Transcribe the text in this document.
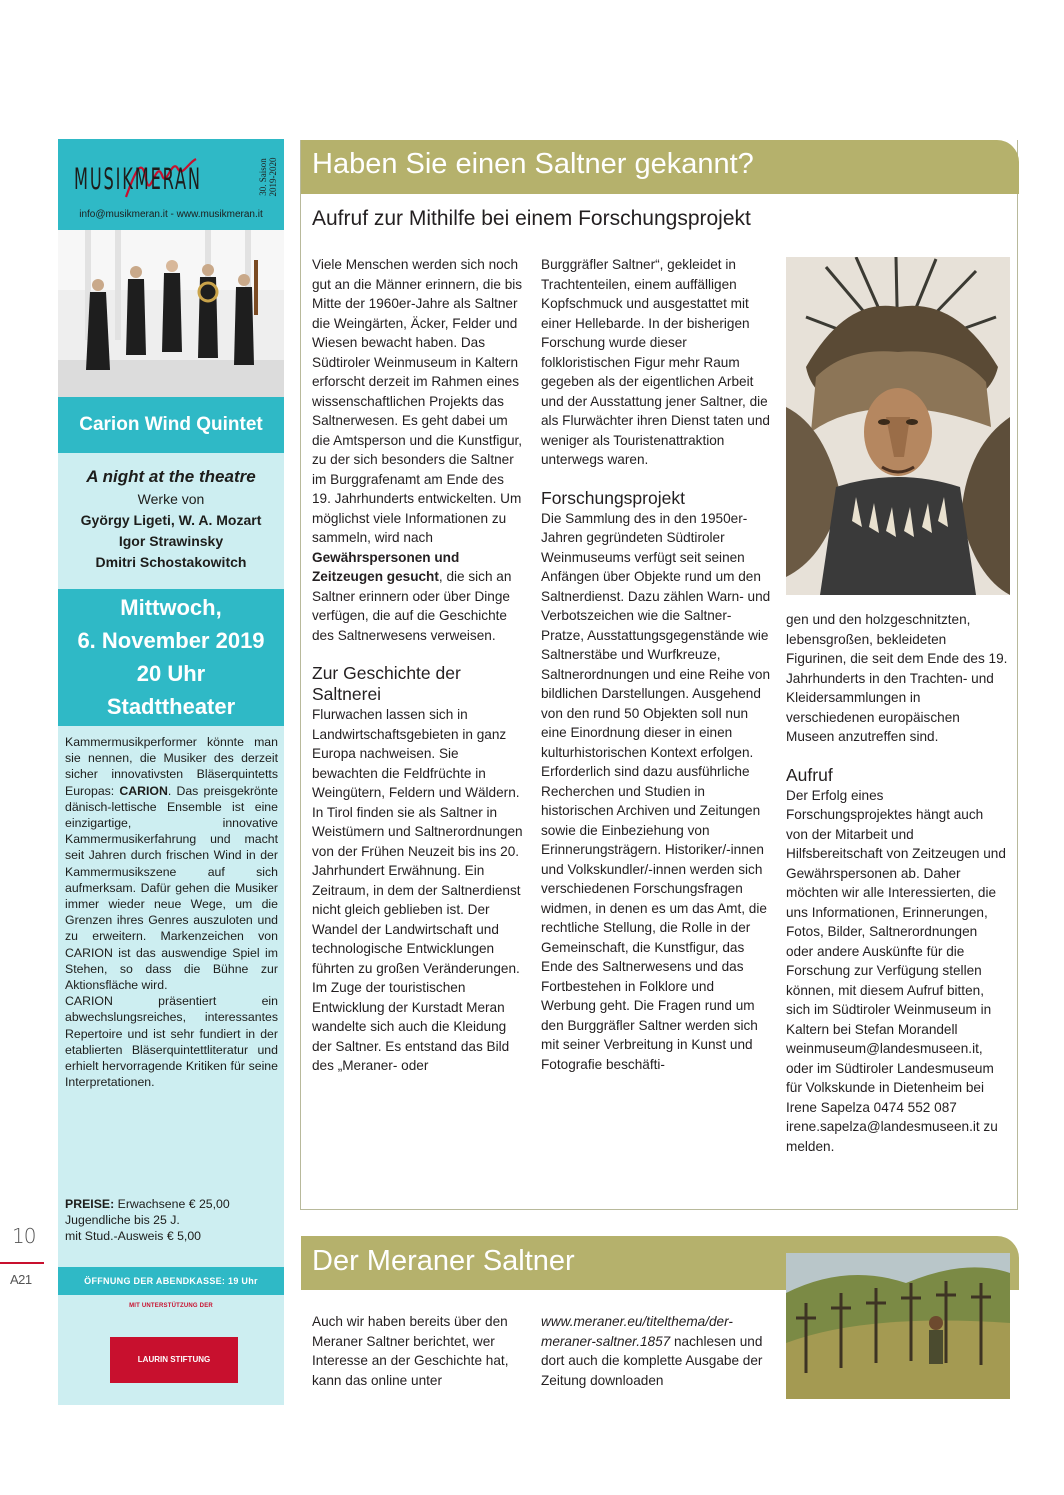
MUSIKMERAN	30. Saison
2019-2020
info@musikmeran.it - www.musikmeran.it
Carion Wind Quintet
A night at the theatre
Werke von
György Ligeti, W. A. Mozart
Igor Strawinsky
Dmitri Schostakowitch
Mittwoch,
6. November 2019
20 Uhr
Stadttheater
Kammermusikperformer könnte man sie nennen, die Musiker des derzeit sicher innovativsten Bläserquintetts Europas: CARION. Das preisgekrönte dänisch-lettische Ensemble ist eine einzigartige, innovative Kammermusikerfahrung und macht seit Jahren durch frischen Wind in der Kammermusikszene auf sich aufmerksam. Dafür gehen die Musiker immer wieder neue Wege, um die Grenzen ihres Genres auszuloten und zu erweitern. Markenzeichen von CARION ist das auswendige Spiel im Stehen, so dass die Bühne zur Aktionsfläche wird.
CARION präsentiert ein abwechslungsreiches, interessantes Repertoire und ist sehr fundiert in der etablierten Bläserquintettliteratur und erhielt hervorragende Kritiken für seine Interpretationen.
PREISE: Erwachsene € 25,00
Jugendliche bis 25 J.
mit Stud.-Ausweis € 5,00
ÖFFNUNG DER ABENDKASSE: 19 Uhr
MIT UNTERSTÜTZUNG DER
LAURIN STIFTUNG
10
A21
Haben Sie einen Saltner gekannt?
Aufruf zur Mithilfe bei einem Forschungsprojekt

Viele Menschen werden sich noch gut an die Männer erinnern, die bis Mitte der 1960er-Jahre als Saltner die Weingärten, Äcker, Felder und Wiesen bewacht haben. Das Südtiroler Weinmuseum in Kaltern erforscht derzeit im Rahmen eines wissenschaftlichen Projekts das Saltnerwesen. Es geht dabei um die Amtsperson und die Kunstfigur, zu der sich besonders die Saltner im Burggrafenamt am Ende des 19. Jahrhunderts entwickelten. Um möglichst viele Informationen zu sammeln, wird nach Gewährspersonen und Zeitzeugen gesucht, die sich an Saltner erinnern oder über Dinge verfügen, die auf die Geschichte des Saltnerwesens verweisen.

Zur Geschichte der Saltnerei

Flurwachen lassen sich in Landwirtschaftsgebieten in ganz Europa nachweisen. Sie bewachten die Feldfrüchte in Weingütern, Feldern und Wäldern. In Tirol finden sie als Saltner in Weistümern und Saltnerordnungen von der Frühen Neuzeit bis ins 20. Jahrhundert Erwähnung. Ein Zeitraum, in dem der Saltnerdienst nicht gleich geblieben ist. Der Wandel der Landwirtschaft und technologische Entwicklungen führten zu großen Veränderungen.

Im Zuge der touristischen Entwicklung der Kurstadt Meran wandelte sich auch die Kleidung der Saltner. Es entstand das Bild des „Meraner- oder

Burggräfler Saltner“, gekleidet in Trachtenteilen, einem auffälligen Kopfschmuck und ausgestattet mit einer Hellebarde. In der bisherigen Forschung wurde dieser folkloristischen Figur mehr Raum gegeben als der eigentlichen Arbeit und der Ausstattung jener Saltner, die als Flurwächter ihren Dienst taten und weniger als Touristenattraktion unterwegs waren.

Forschungsprojekt

Die Sammlung des in den 1950er-Jahren gegründeten Südtiroler Weinmuseums verfügt seit seinen Anfängen über Objekte rund um den Saltnerdienst. Dazu zählen Warn- und Verbotszeichen wie die Saltner-Pratze, Ausstattungsgegenstände wie Saltnerstäbe und Wurfkreuze, Saltnerordnungen und eine Reihe von bildlichen Darstellungen. Ausgehend von den rund 50 Objekten soll nun eine Einordnung dieser in einen kulturhistorischen Kontext erfolgen. Erforderlich sind dazu ausführliche Recherchen und Studien in historischen Archiven und Zeitungen sowie die Einbeziehung von Erinnerungsträgern. Historiker/-innen und Volkskundler/-innen werden sich verschiedenen Forschungsfragen widmen, in denen es um das Amt, die rechtliche Stellung, die Rolle in der Gemeinschaft, die Kunstfigur, das Ende des Saltnerwesens und das Fortbestehen in Folklore und Werbung geht. Die Fragen rund um den Burggräfler Saltner werden sich mit seiner Verbreitung in Kunst und Fotografie beschäfti-

gen und den holzgeschnitzten, lebensgroßen, bekleideten Figurinen, die seit dem Ende des 19. Jahrhunderts in den Trachten- und Kleidersammlungen in verschiedenen europäischen Museen anzutreffen sind.

Aufruf

Der Erfolg eines Forschungsprojektes hängt auch von der Mitarbeit und Hilfsbereitschaft von Zeitzeugen und Gewährspersonen ab. Daher möchten wir alle Interessierten, die uns Informationen, Erinnerungen, Fotos, Bilder, Saltnerordnungen oder andere Auskünfte für die Forschung zur Verfügung stellen können, mit diesem Aufruf bitten, sich im Südtiroler Weinmuseum in Kaltern bei Stefan Morandell weinmuseum@landesmuseen.it, oder im Südtiroler Landesmuseum für Volkskunde in Dietenheim bei Irene Sapelza 0474 552 087 irene.sapelza@landesmuseen.it zu melden.

Der Meraner Saltner

Auch wir haben bereits über den Meraner Saltner berichtet, wer Interesse an der Geschichte hat, kann das online unter

www.meraner.eu/titelthema/der-meraner-saltner.1857 nachlesen und dort auch die komplette Ausgabe der Zeitung downloaden
